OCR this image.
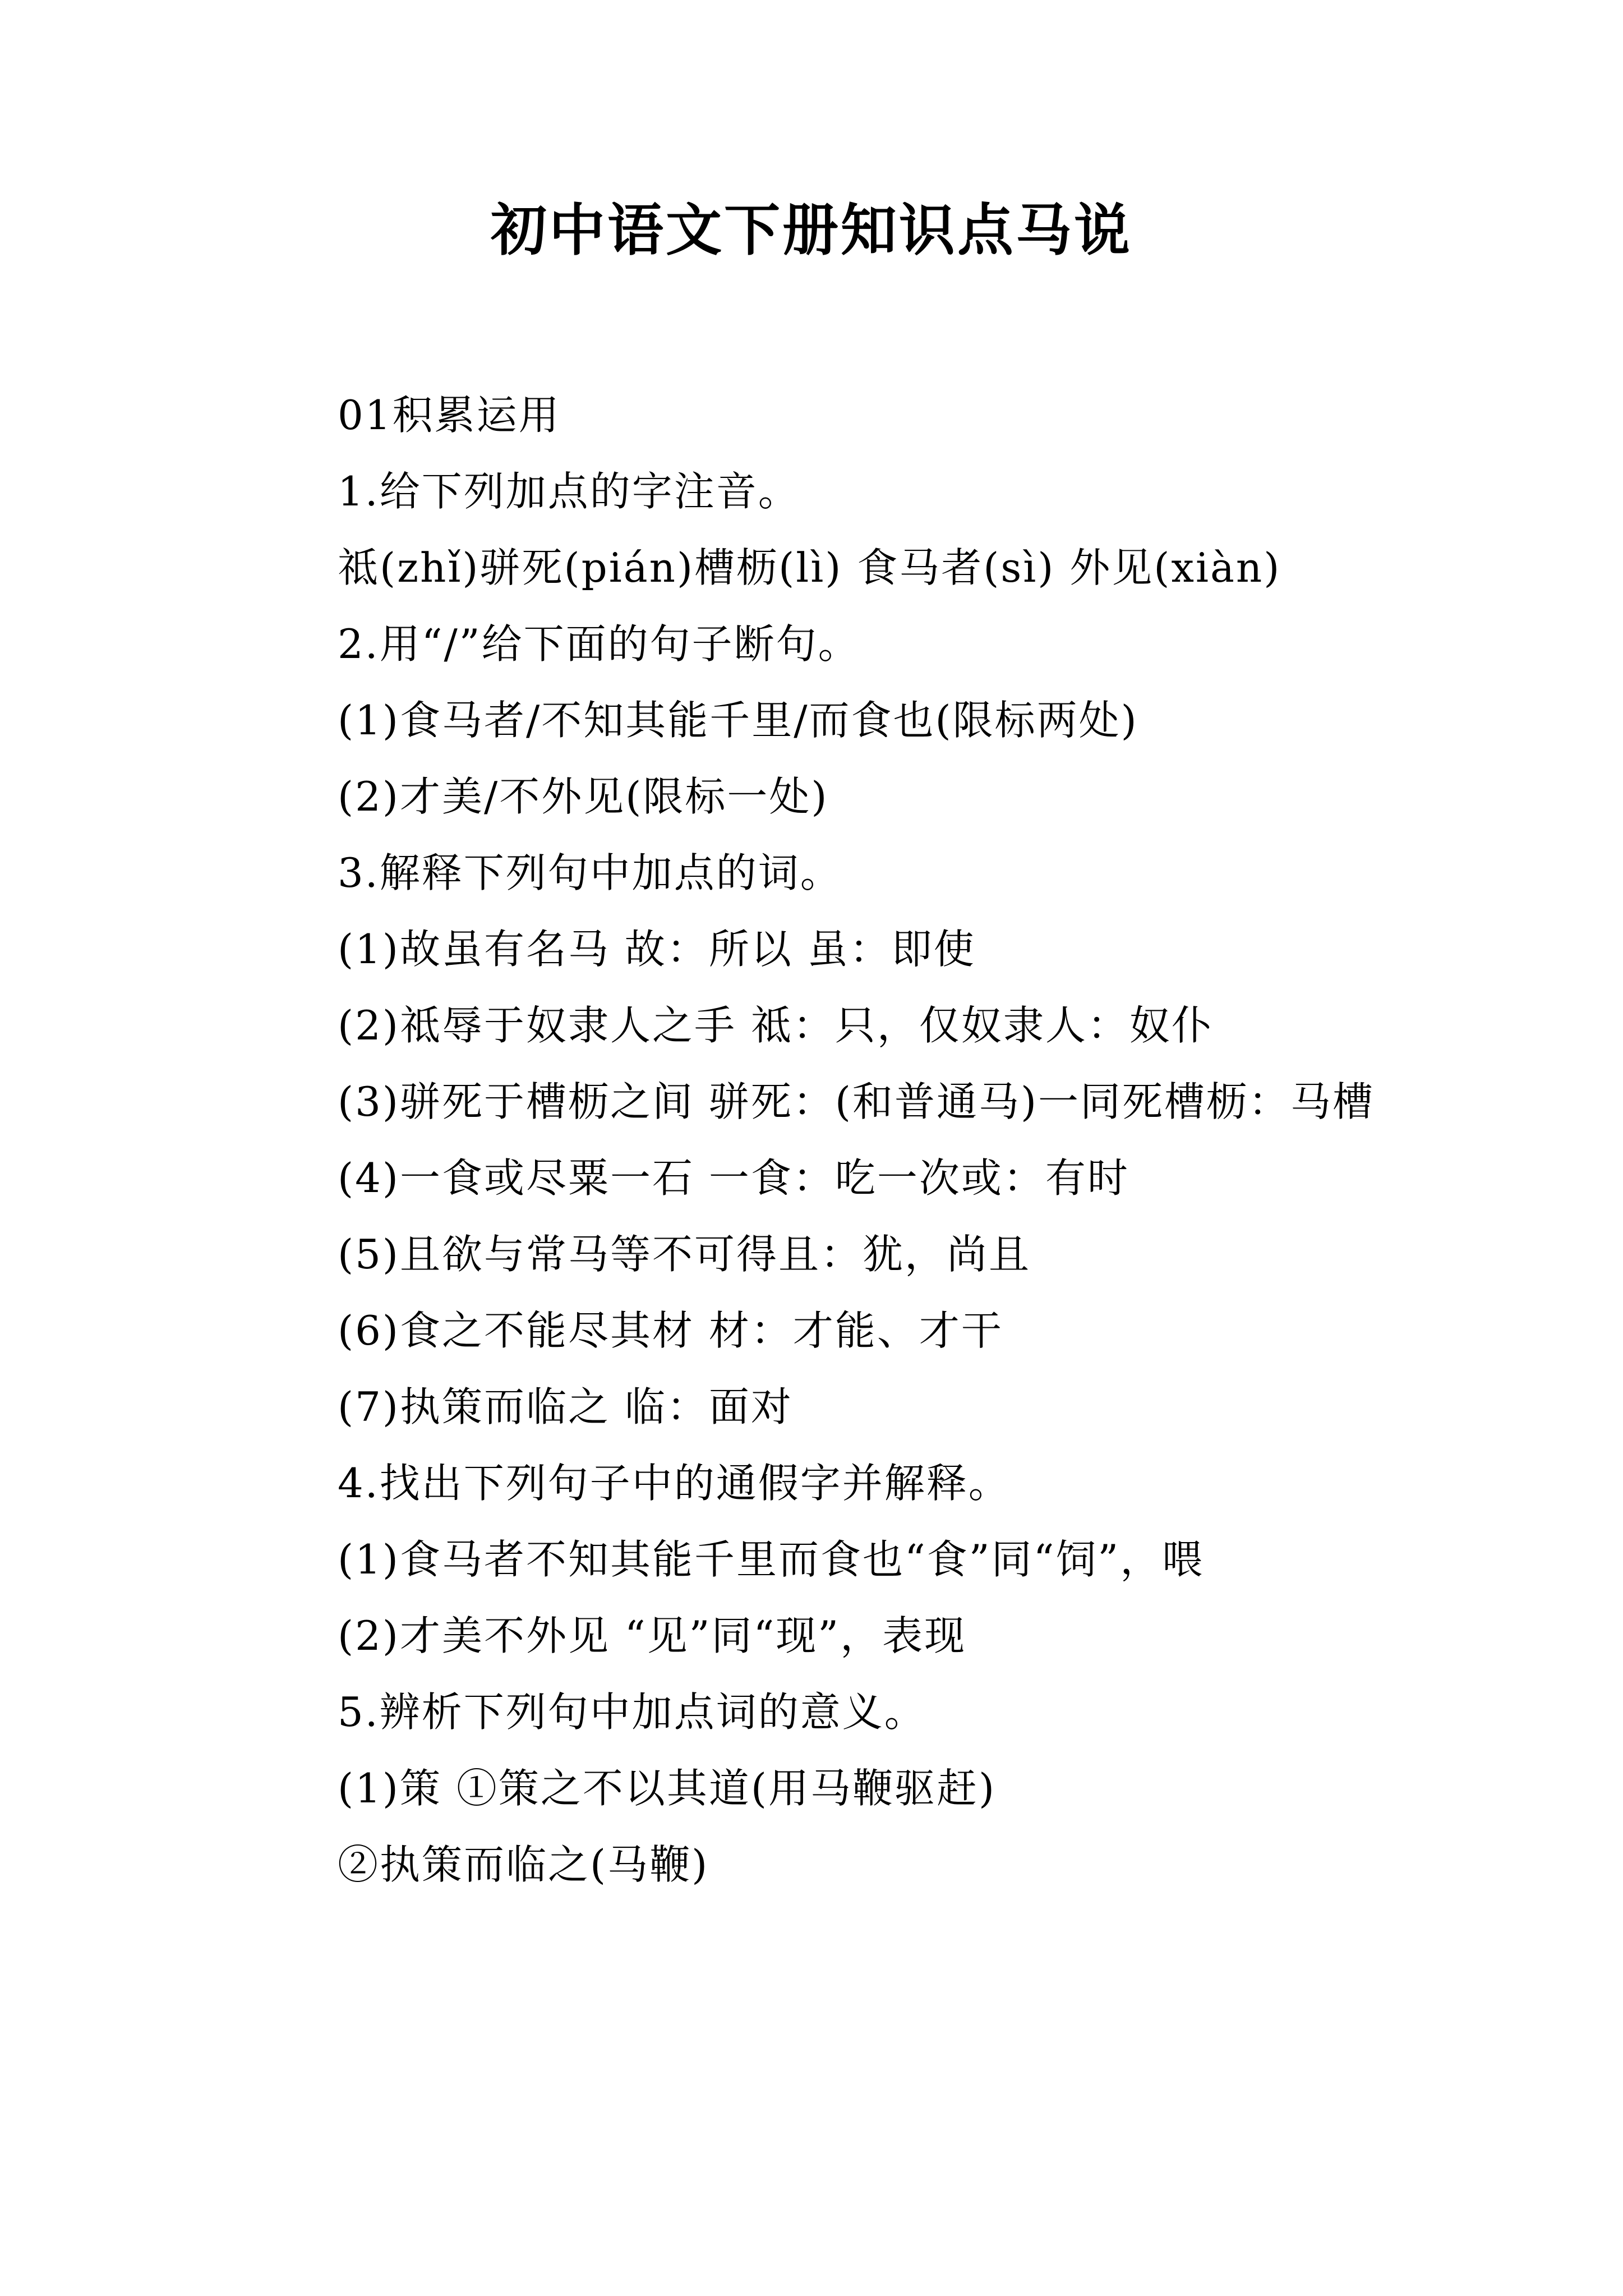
初中语文下册知识点马说

01积累运用

1.给下列加点的字注音。

祗(zhǐ)骈死(pián)槽枥(lì) 食马者(sì) 外见(xiàn)

2.用“/”给下面的句子断句。

(1)食马者/不知其能千里/而食也(限标两处)

(2)才美/不外见(限标一处)

3.解释下列句中加点的词。

(1)故虽有名马 故：所以 虽：即使

(2)祗辱于奴隶人之手 祗：只，仅奴隶人：奴仆

(3)骈死于槽枥之间 骈死：(和普通马)一同死槽枥：马槽

(4)一食或尽粟一石 一食：吃一次或：有时

(5)且欲与常马等不可得且：犹，尚且

(6)食之不能尽其材 材：才能、才干

(7)执策而临之 临：面对

4.找出下列句子中的通假字并解释。

(1)食马者不知其能千里而食也“食”同“饲”，喂

(2)才美不外见 “见”同“现”，表现

5.辨析下列句中加点词的意义。

(1)策 ①策之不以其道(用马鞭驱赶)

②执策而临之(马鞭)
